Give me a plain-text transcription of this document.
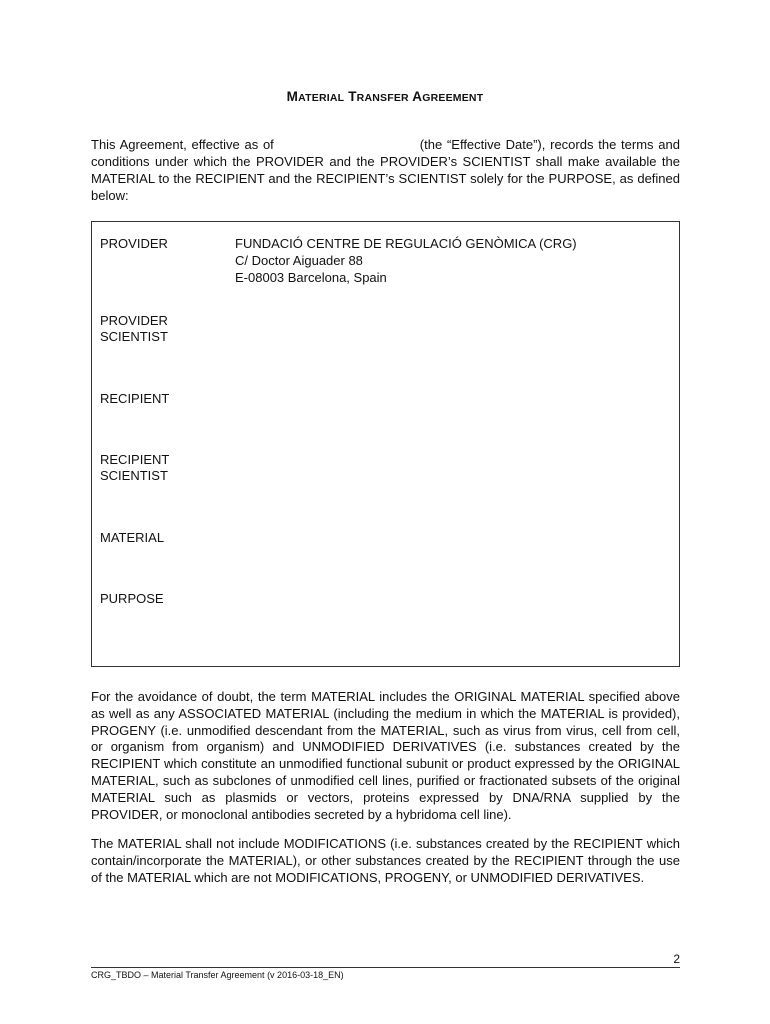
MATERIAL TRANSFER AGREEMENT
This Agreement, effective as of	(the “Effective Date”), records the terms and conditions under which the PROVIDER and the PROVIDER’s SCIENTIST shall make available the MATERIAL to the RECIPIENT and the RECIPIENT’s SCIENTIST solely for the PURPOSE, as defined below:
PROVIDER	FUNDACIÓ CENTRE DE REGULACIÓ GENÒMICA (CRG)
C/ Doctor Aiguader 88
E-08003 Barcelona, Spain
PROVIDER
SCIENTIST
RECIPIENT
RECIPIENT
SCIENTIST
MATERIAL
PURPOSE
For the avoidance of doubt, the term MATERIAL includes the ORIGINAL MATERIAL specified above as well as any ASSOCIATED MATERIAL (including the medium in which the MATERIAL is provided), PROGENY (i.e. unmodified descendant from the MATERIAL, such as virus from virus, cell from cell, or organism from organism) and UNMODIFIED DERIVATIVES (i.e. substances created by the RECIPIENT which constitute an unmodified functional subunit or product expressed by the ORIGINAL MATERIAL, such as subclones of unmodified cell lines, purified or fractionated subsets of the original MATERIAL such as plasmids or vectors, proteins expressed by DNA/RNA supplied by the PROVIDER, or monoclonal antibodies secreted by a hybridoma cell line).
The MATERIAL shall not include MODIFICATIONS (i.e. substances created by the RECIPIENT which contain/incorporate the MATERIAL), or other substances created by the RECIPIENT through the use of the MATERIAL which are not MODIFICATIONS, PROGENY, or UNMODIFIED DERIVATIVES.
2
CRG_TBDO – Material Transfer Agreement (v 2016-03-18_EN)
